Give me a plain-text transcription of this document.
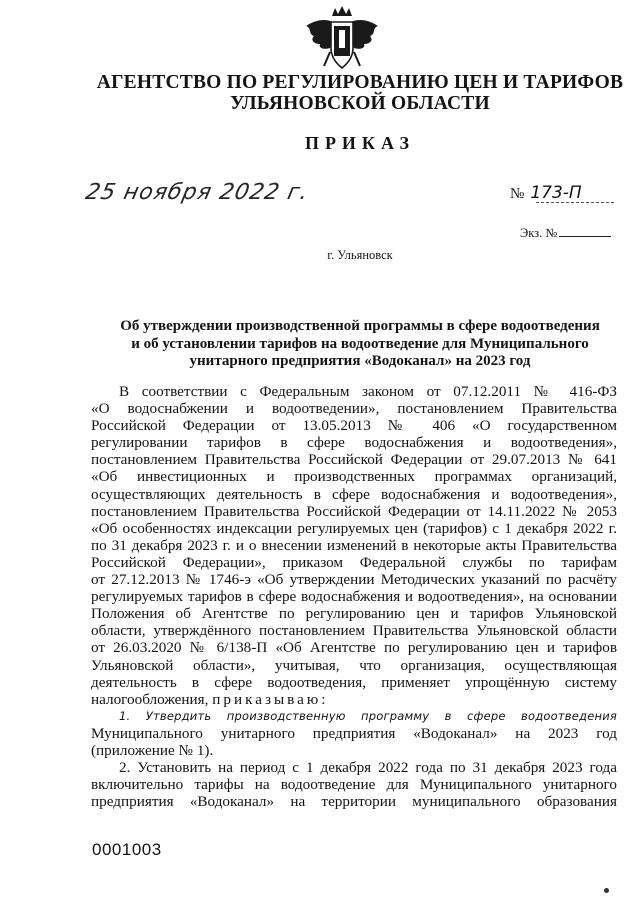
АГЕНТСТВО ПО РЕГУЛИРОВАНИЮ ЦЕН И ТАРИФОВ
УЛЬЯНОВСКОЙ ОБЛАСТИ
ПРИКАЗ
25 ноября 2022 г.	№ 173-П
Экз. №
г. Ульяновск
Об утверждении производственной программы в сфере водоотведения
и об установлении тарифов на водоотведение для Муниципального
унитарного предприятия «Водоканал» на 2023 год

В соответствии с Федеральным законом от 07.12.2011 № 416-ФЗ

«О водоснабжении и водоотведении», постановлением Правительства

Российской Федерации от 13.05.2013 № 406 «О государственном

регулировании тарифов в сфере водоснабжения и водоотведения»,

постановлением Правительства Российской Федерации от 29.07.2013 № 641

«Об инвестиционных и производственных программах организаций,

осуществляющих деятельность в сфере водоснабжения и водоотведения»,

постановлением Правительства Российской Федерации от 14.11.2022 № 2053

«Об особенностях индексации регулируемых цен (тарифов) с 1 декабря 2022 г.

по 31 декабря 2023 г. и о внесении изменений в некоторые акты Правительства

Российской Федерации», приказом Федеральной службы по тарифам

от 27.12.2013 № 1746-э «Об утверждении Методических указаний по расчёту

регулируемых тарифов в сфере водоснабжения и водоотведения», на основании

Положения об Агентстве по регулированию цен и тарифов Ульяновской

области, утверждённого постановлением Правительства Ульяновской области

от 26.03.2020 № 6/138-П «Об Агентстве по регулированию цен и тарифов

Ульяновской области», учитывая, что организация, осуществляющая

деятельность в сфере водоотведения, применяет упрощённую систему

налогообложения, приказываю:

1. Утвердить производственную программу в сфере водоотведения

Муниципального унитарного предприятия «Водоканал» на 2023 год

(приложение № 1).

2. Установить на период с 1 декабря 2022 года по 31 декабря 2023 года

включительно тарифы на водоотведение для Муниципального унитарного

предприятия «Водоканал» на территории муниципального образования

0001003
